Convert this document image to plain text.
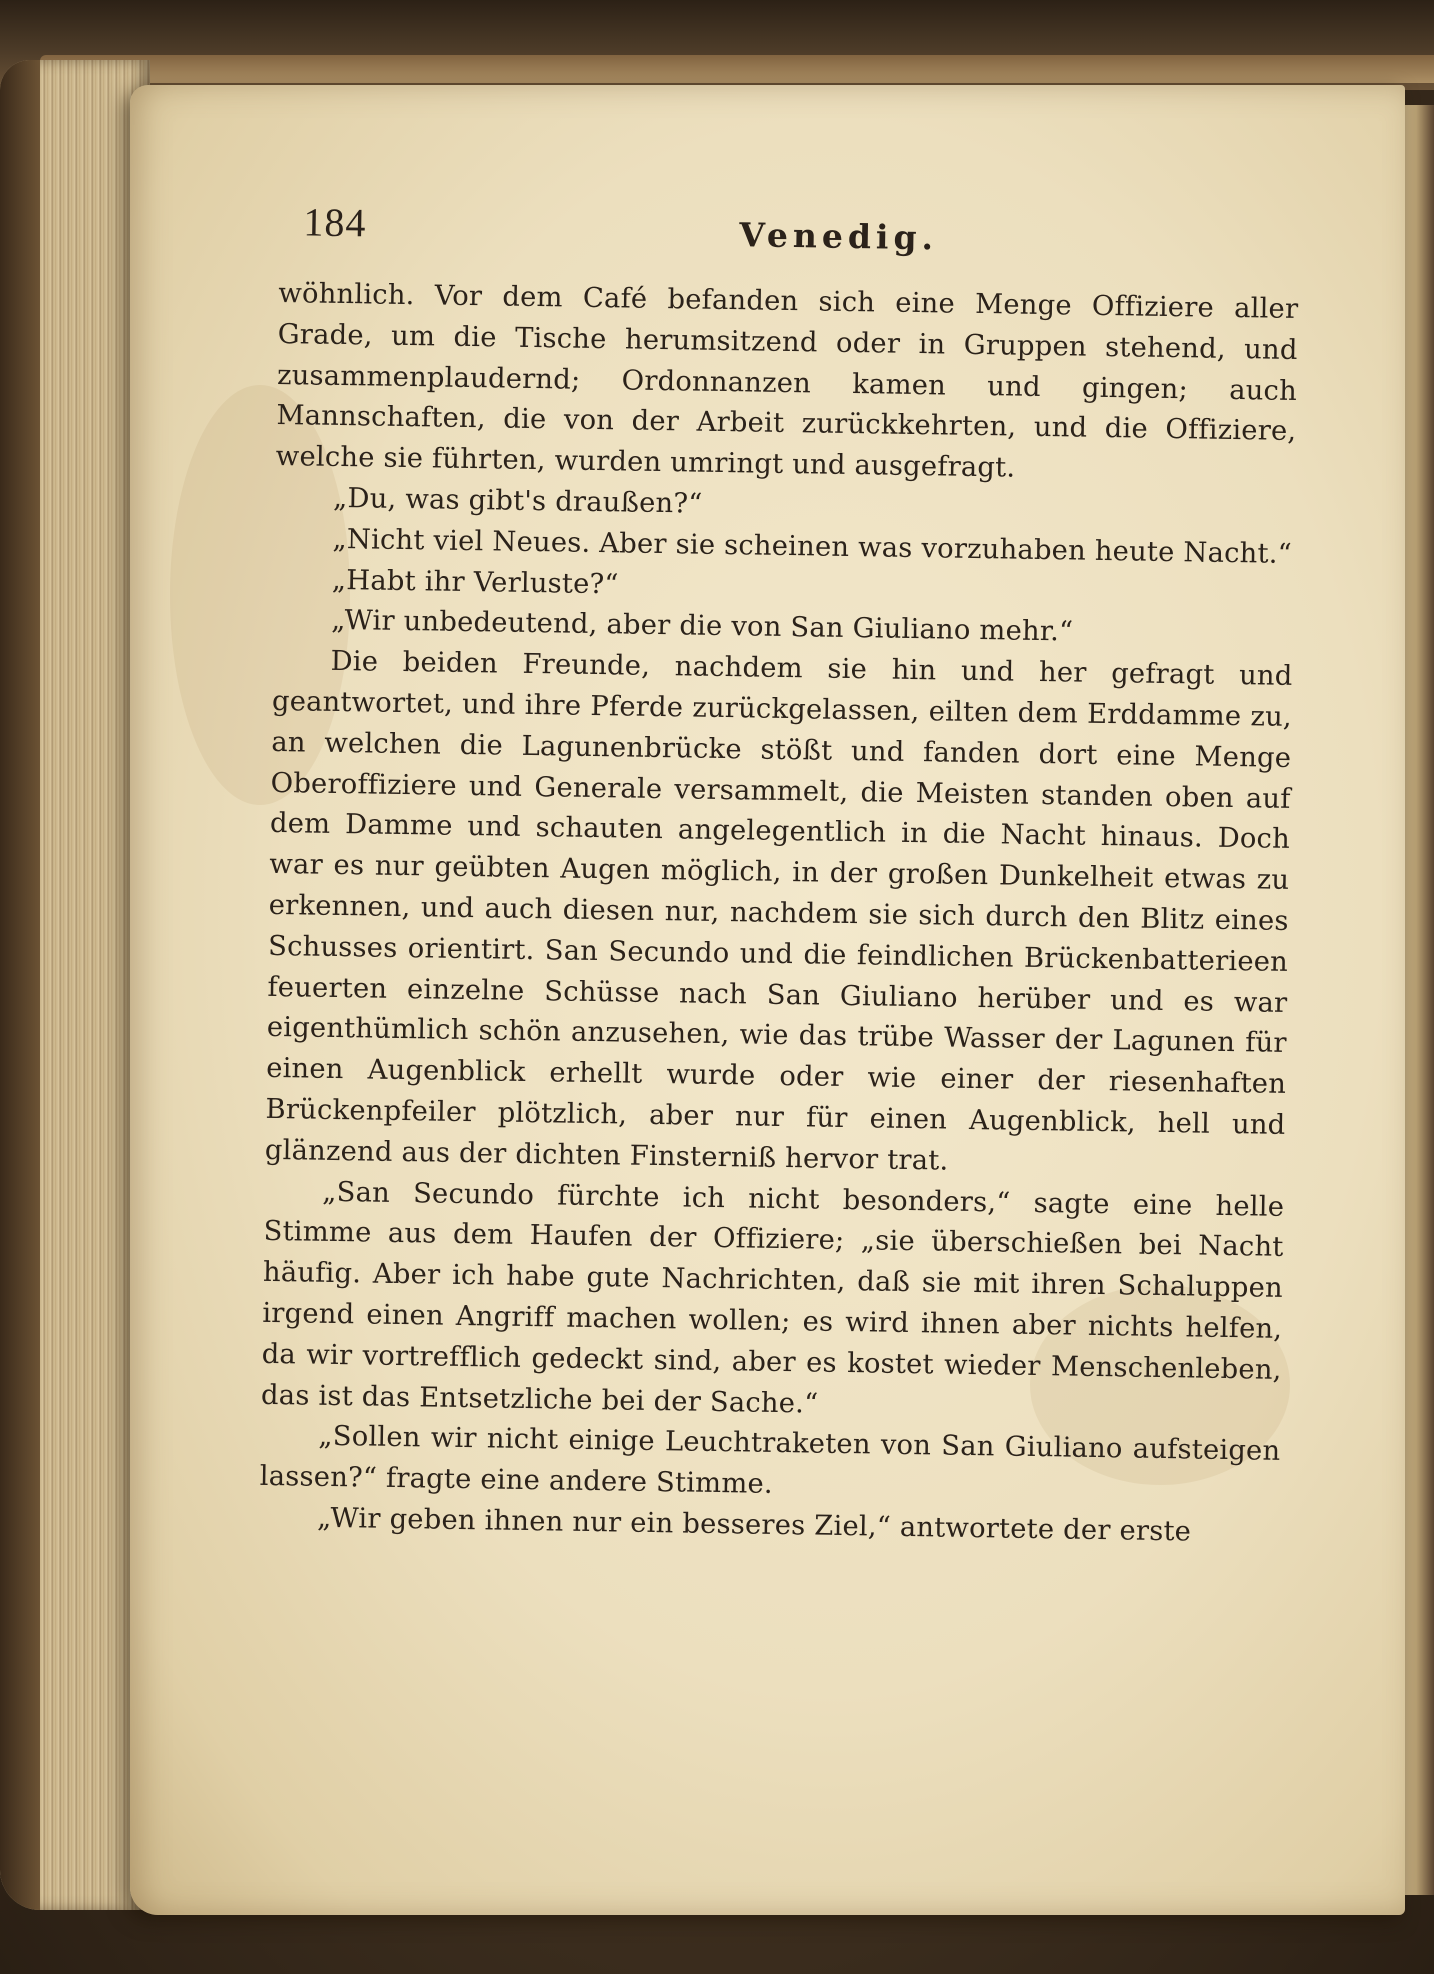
184	Venedig.

wöhnlich. Vor dem Café befanden sich eine Menge Offiziere aller Grade, um die Tische herumsitzend oder in Gruppen stehend, und zusammenplaudernd; Ordonnanzen kamen und gingen; auch Mannschaften, die von der Arbeit zurückkehrten, und die Offiziere, welche sie führten, wurden umringt und ausgefragt.

„Du, was gibt's draußen?“

„Nicht viel Neues. Aber sie scheinen was vorzuhaben heute Nacht.“

„Habt ihr Verluste?“

„Wir unbedeutend, aber die von San Giuliano mehr.“

Die beiden Freunde, nachdem sie hin und her gefragt und geantwortet, und ihre Pferde zurückgelassen, eilten dem Erddamme zu, an welchen die Lagunenbrücke stößt und fanden dort eine Menge Oberoffiziere und Generale versammelt, die Meisten standen oben auf dem Damme und schauten angelegentlich in die Nacht hinaus. Doch war es nur geübten Augen möglich, in der großen Dunkelheit etwas zu erkennen, und auch diesen nur, nachdem sie sich durch den Blitz eines Schusses orientirt. San Secundo und die feindlichen Brückenbatterieen feuerten einzelne Schüsse nach San Giuliano herüber und es war eigenthümlich schön anzusehen, wie das trübe Wasser der Lagunen für einen Augenblick erhellt wurde oder wie einer der riesenhaften Brückenpfeiler plötzlich, aber nur für einen Augenblick, hell und glänzend aus der dichten Finsterniß hervor trat.

„San Secundo fürchte ich nicht besonders,“ sagte eine helle Stimme aus dem Haufen der Offiziere; „sie überschießen bei Nacht häufig. Aber ich habe gute Nachrichten, daß sie mit ihren Schaluppen irgend einen Angriff machen wollen; es wird ihnen aber nichts helfen, da wir vortrefflich gedeckt sind, aber es kostet wieder Menschenleben, das ist das Entsetzliche bei der Sache.“

„Sollen wir nicht einige Leuchtraketen von San Giuliano aufsteigen lassen?“ fragte eine andere Stimme.

„Wir geben ihnen nur ein besseres Ziel,“ antwortete der erste
